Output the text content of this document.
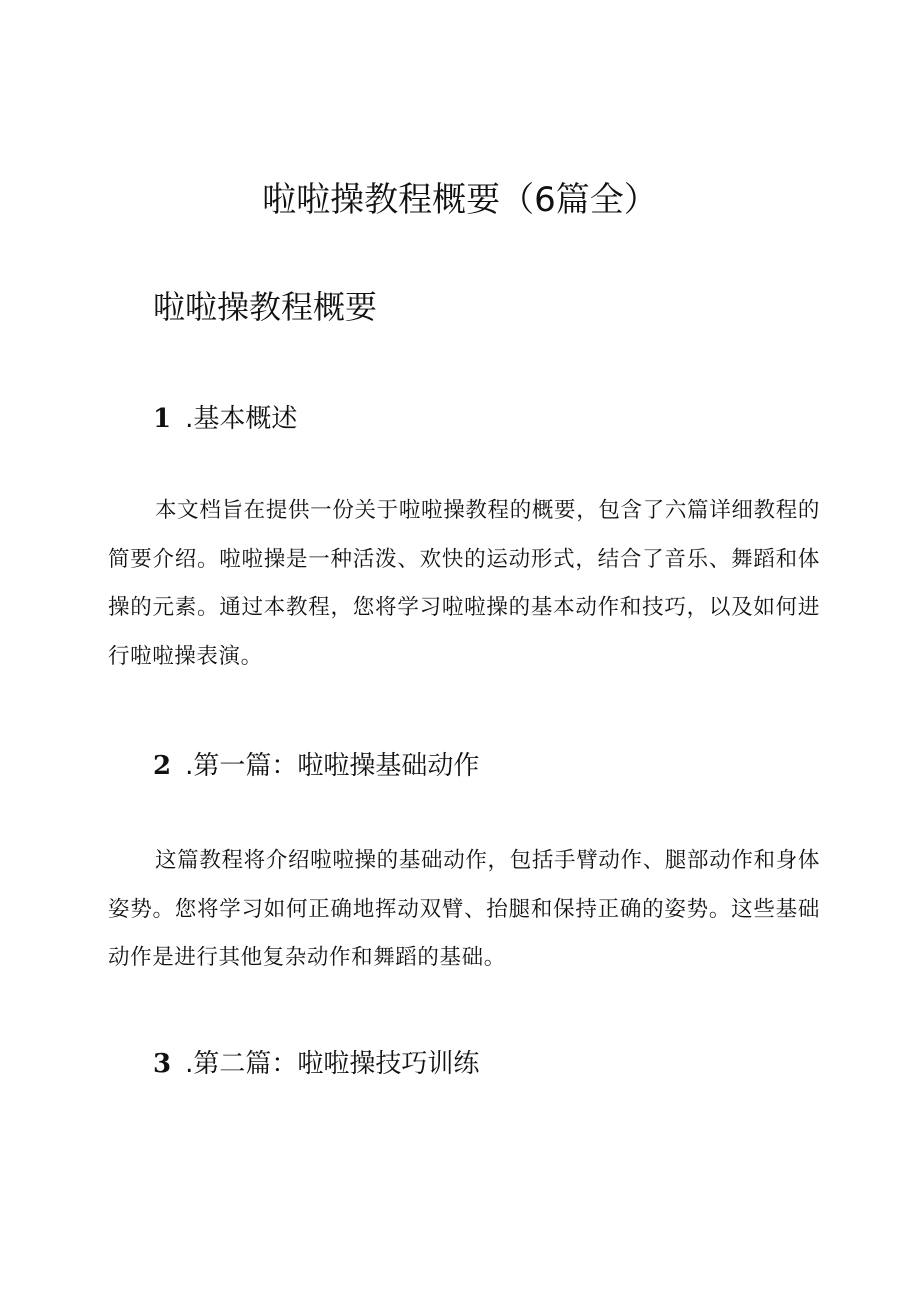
啦啦操教程概要（6篇全）
啦啦操教程概要
1 .基本概述

本文档旨在提供一份关于啦啦操教程的概要，包含了六篇详细教程的简要介绍。啦啦操是一种活泼、欢快的运动形式，结合了音乐、舞蹈和体操的元素。通过本教程，您将学习啦啦操的基本动作和技巧，以及如何进行啦啦操表演。

2 .第一篇：啦啦操基础动作

这篇教程将介绍啦啦操的基础动作，包括手臂动作、腿部动作和身体姿势。您将学习如何正确地挥动双臂、抬腿和保持正确的姿势。这些基础动作是进行其他复杂动作和舞蹈的基础。

3 .第二篇：啦啦操技巧训练
